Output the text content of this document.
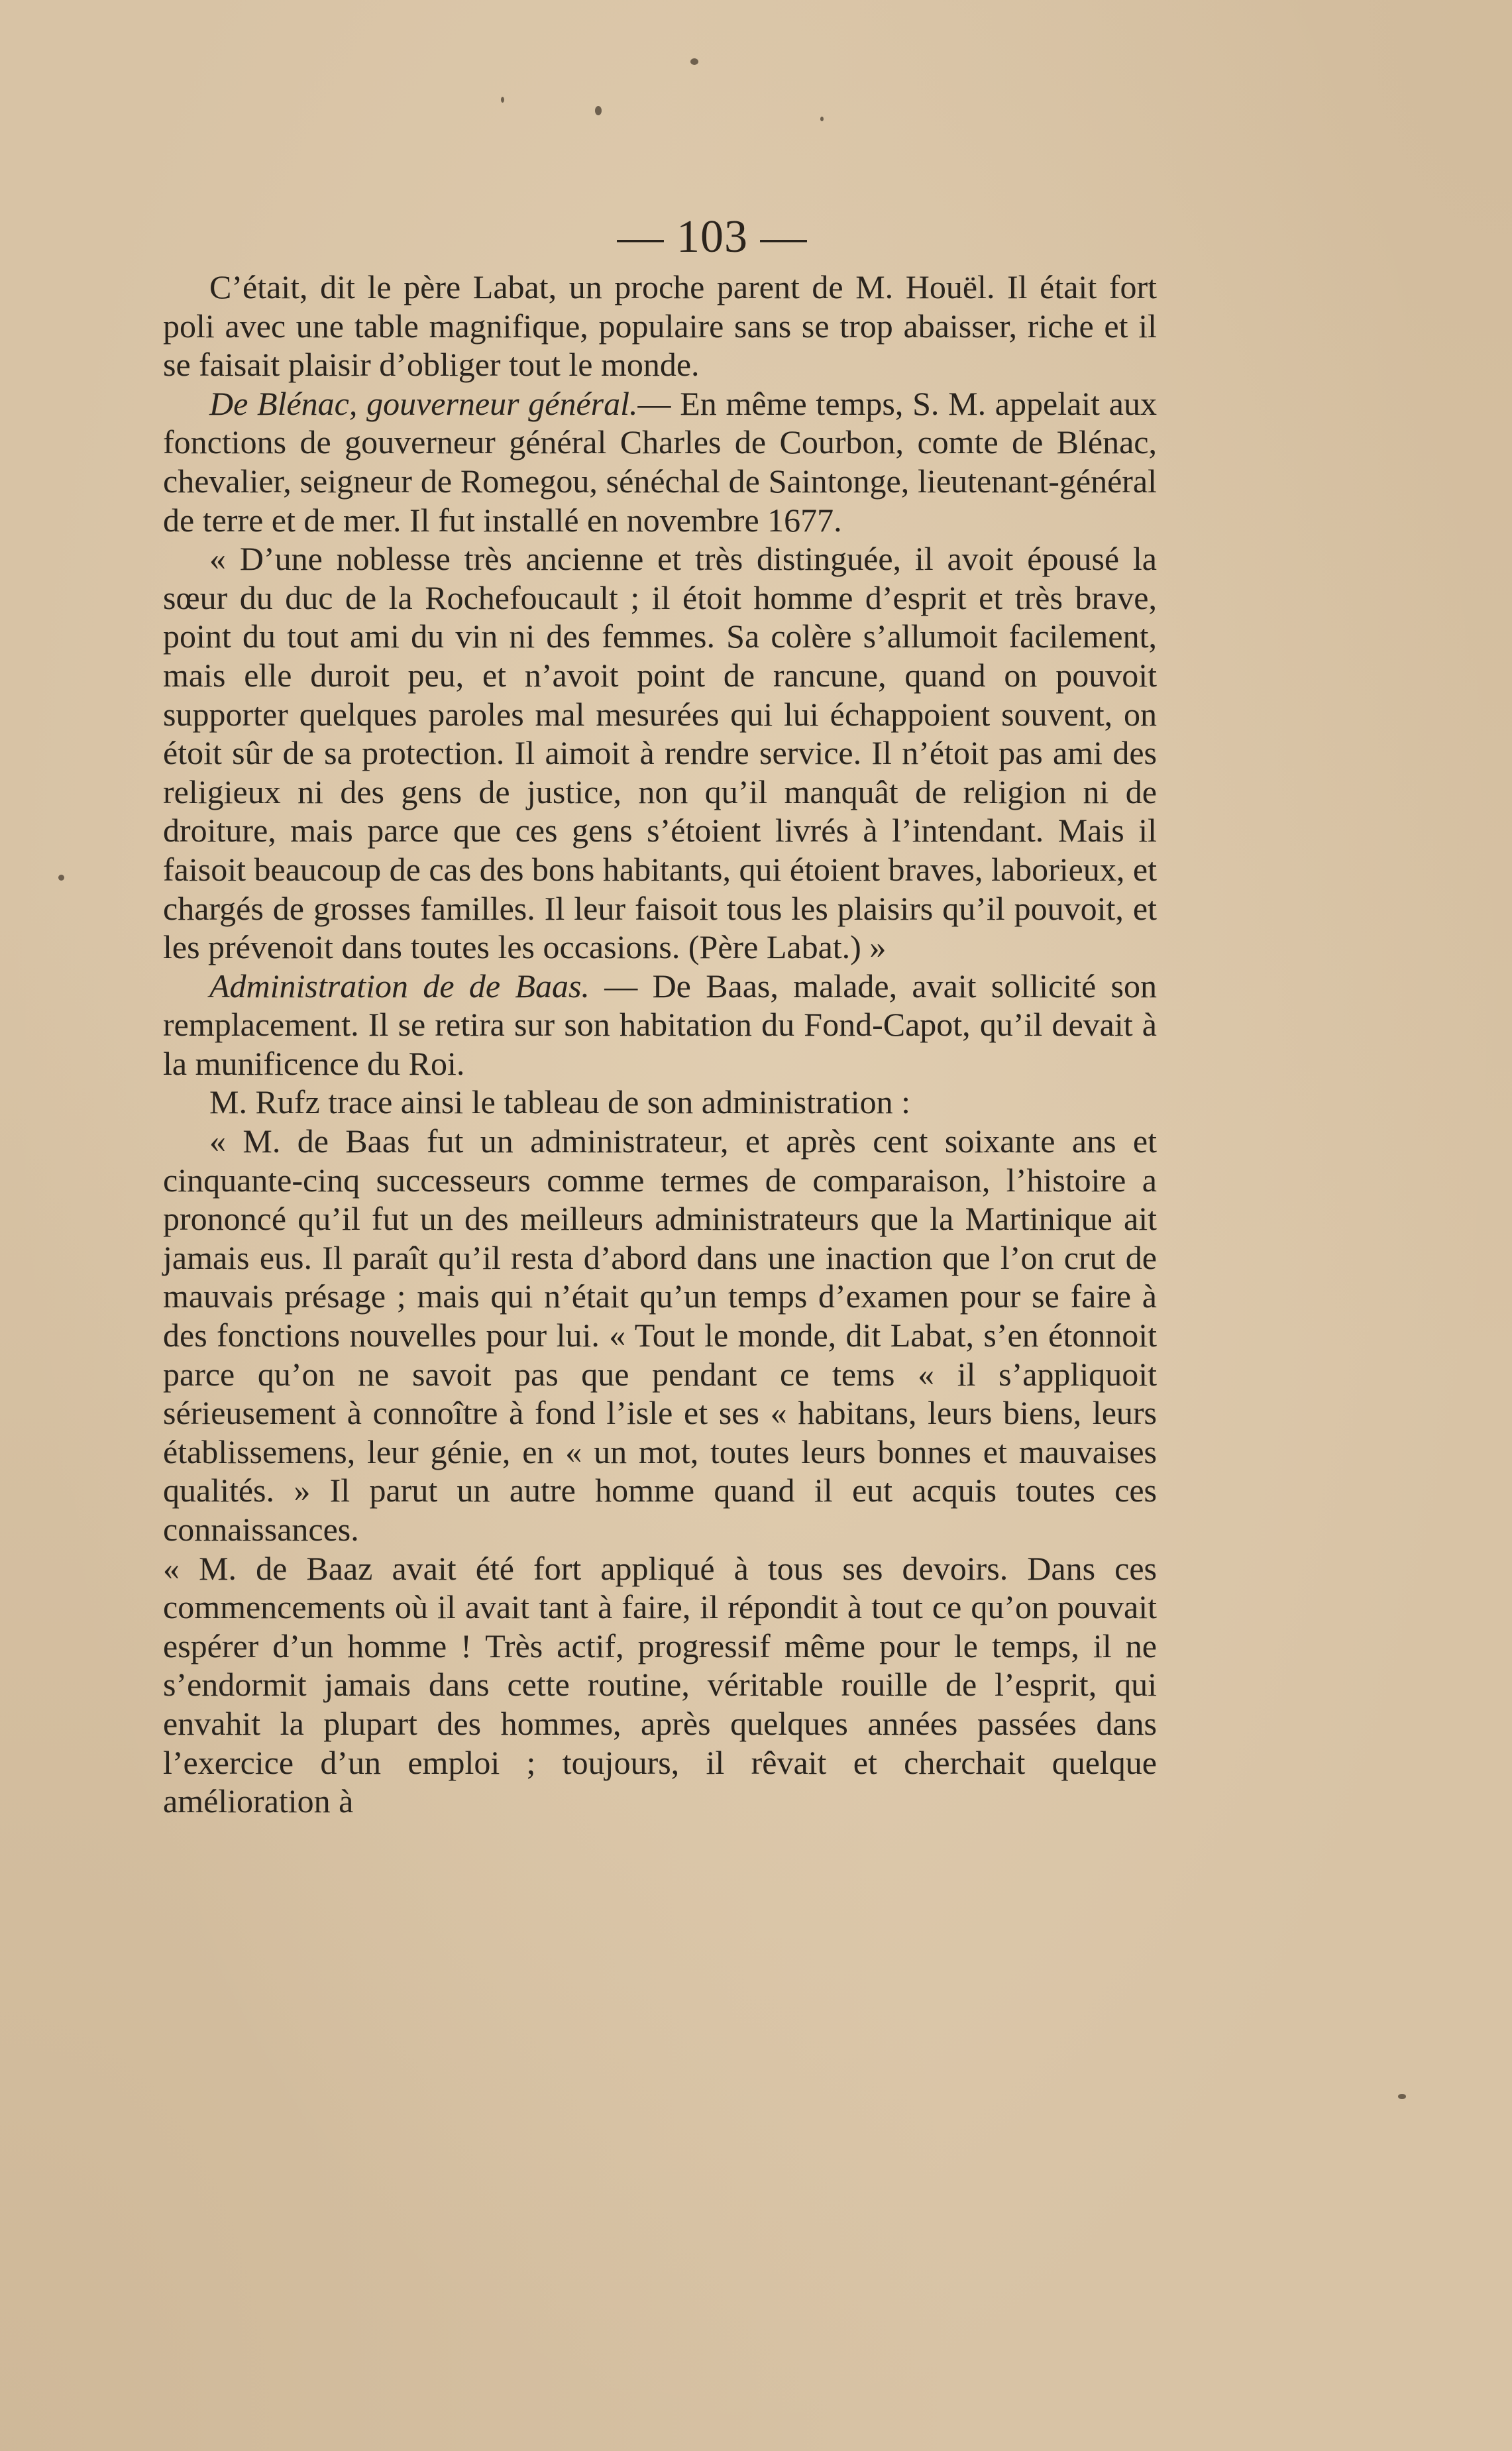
— 103 —

C’était, dit le père Labat, un proche parent de M. Houël. Il était fort poli avec une table magnifique, populaire sans se trop abaisser, riche et il se faisait plaisir d’obliger tout le monde.

De Blénac, gouverneur général.— En même temps, S. M. appelait aux fonctions de gouverneur général Charles de Courbon, comte de Blénac, chevalier, seigneur de Romegou, sénéchal de Saintonge, lieutenant-général de terre et de mer. Il fut installé en novembre 1677.

« D’une noblesse très ancienne et très distinguée, il avoit épousé la sœur du duc de la Rochefoucault ; il étoit homme d’esprit et très brave, point du tout ami du vin ni des femmes. Sa colère s’allumoit facilement, mais elle duroit peu, et n’avoit point de rancune, quand on pouvoit supporter quelques paroles mal mesurées qui lui échappoient souvent, on étoit sûr de sa protection. Il aimoit à rendre service. Il n’étoit pas ami des religieux ni des gens de justice, non qu’il manquât de religion ni de droiture, mais parce que ces gens s’étoient livrés à l’intendant. Mais il faisoit beaucoup de cas des bons habitants, qui étoient braves, laborieux, et chargés de grosses familles. Il leur faisoit tous les plaisirs qu’il pouvoit, et les prévenoit dans toutes les occasions. (Père Labat.) »

Administration de de Baas. — De Baas, malade, avait sollicité son remplacement. Il se retira sur son habitation du Fond-Capot, qu’il devait à la munificence du Roi.

M. Rufz trace ainsi le tableau de son administration :

« M. de Baas fut un administrateur, et après cent soixante ans et cinquante-cinq successeurs comme termes de comparaison, l’histoire a prononcé qu’il fut un des meilleurs administrateurs que la Martinique ait jamais eus. Il paraît qu’il resta d’abord dans une inaction que l’on crut de mauvais présage ; mais qui n’était qu’un temps d’examen pour se faire à des fonctions nouvelles pour lui. « Tout le monde, dit Labat, s’en étonnoit parce qu’on ne savoit pas que pendant ce tems « il s’appliquoit sérieusement à connoître à fond l’isle et ses « habitans, leurs biens, leurs établissemens, leur génie, en « un mot, toutes leurs bonnes et mauvaises qualités. » Il parut un autre homme quand il eut acquis toutes ces connaissances.

« M. de Baaz avait été fort appliqué à tous ses devoirs. Dans ces commencements où il avait tant à faire, il répondit à tout ce qu’on pouvait espérer d’un homme ! Très actif, progressif même pour le temps, il ne s’endormit jamais dans cette routine, véritable rouille de l’esprit, qui envahit la plupart des hommes, après quelques années passées dans l’exercice d’un emploi ; toujours, il rêvait et cherchait quelque amélioration à
